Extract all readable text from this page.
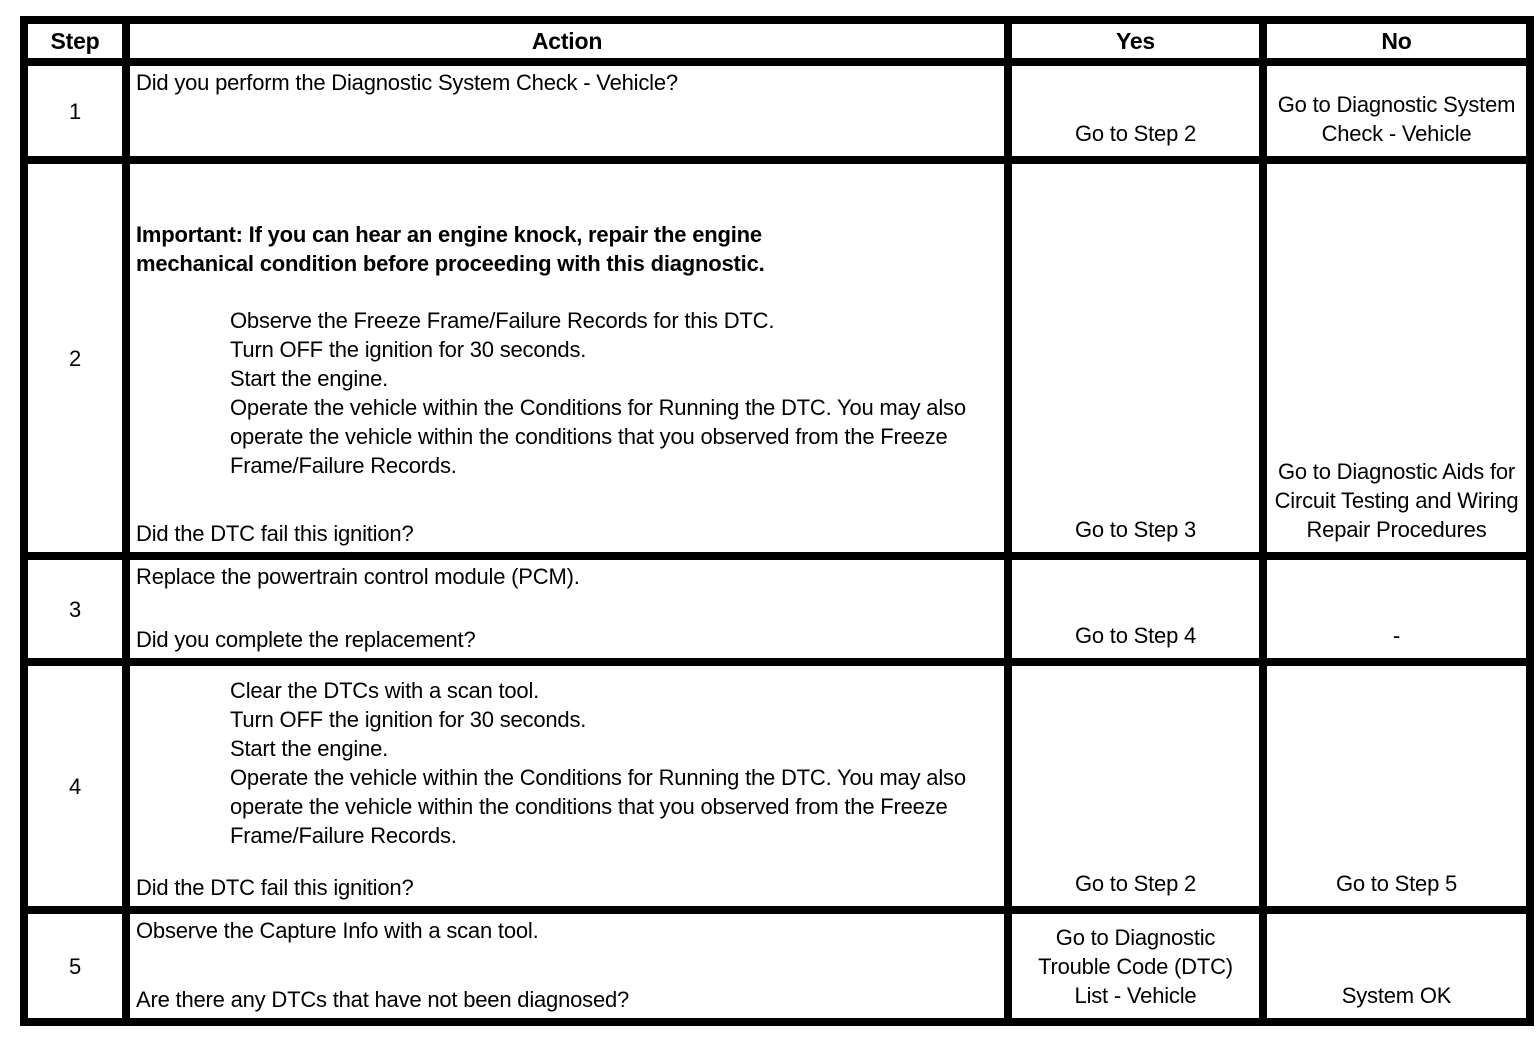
Step	Action	Yes	No
1	Did you perform the Diagnostic System Check - Vehicle?	Go to Step 2	Go to Diagnostic System Check - Vehicle
2	
Important: If you can hear an engine knock, repair the engine mechanical condition before proceeding with this diagnostic.
Observe the Freeze Frame/Failure Records for this DTC.
Turn OFF the ignition for 30 seconds.
Start the engine.
Operate the vehicle within the Conditions for Running the DTC. You may also operate the vehicle within the conditions that you observed from the Freeze Frame/Failure Records.
Did the DTC fail this ignition?	Go to Step 3	Go to Diagnostic Aids for Circuit Testing and Wiring Repair Procedures
3	Replace the powertrain control module (PCM).
Did you complete the replacement?	Go to Step 4	-
4	Clear the DTCs with a scan tool.
Turn OFF the ignition for 30 seconds.
Start the engine.
Operate the vehicle within the Conditions for Running the DTC. You may also operate the vehicle within the conditions that you observed from the Freeze Frame/Failure Records.
Did the DTC fail this ignition?	Go to Step 2	Go to Step 5
5	Observe the Capture Info with a scan tool.
Are there any DTCs that have not been diagnosed?	Go to Diagnostic Trouble Code (DTC) List - Vehicle	System OK
